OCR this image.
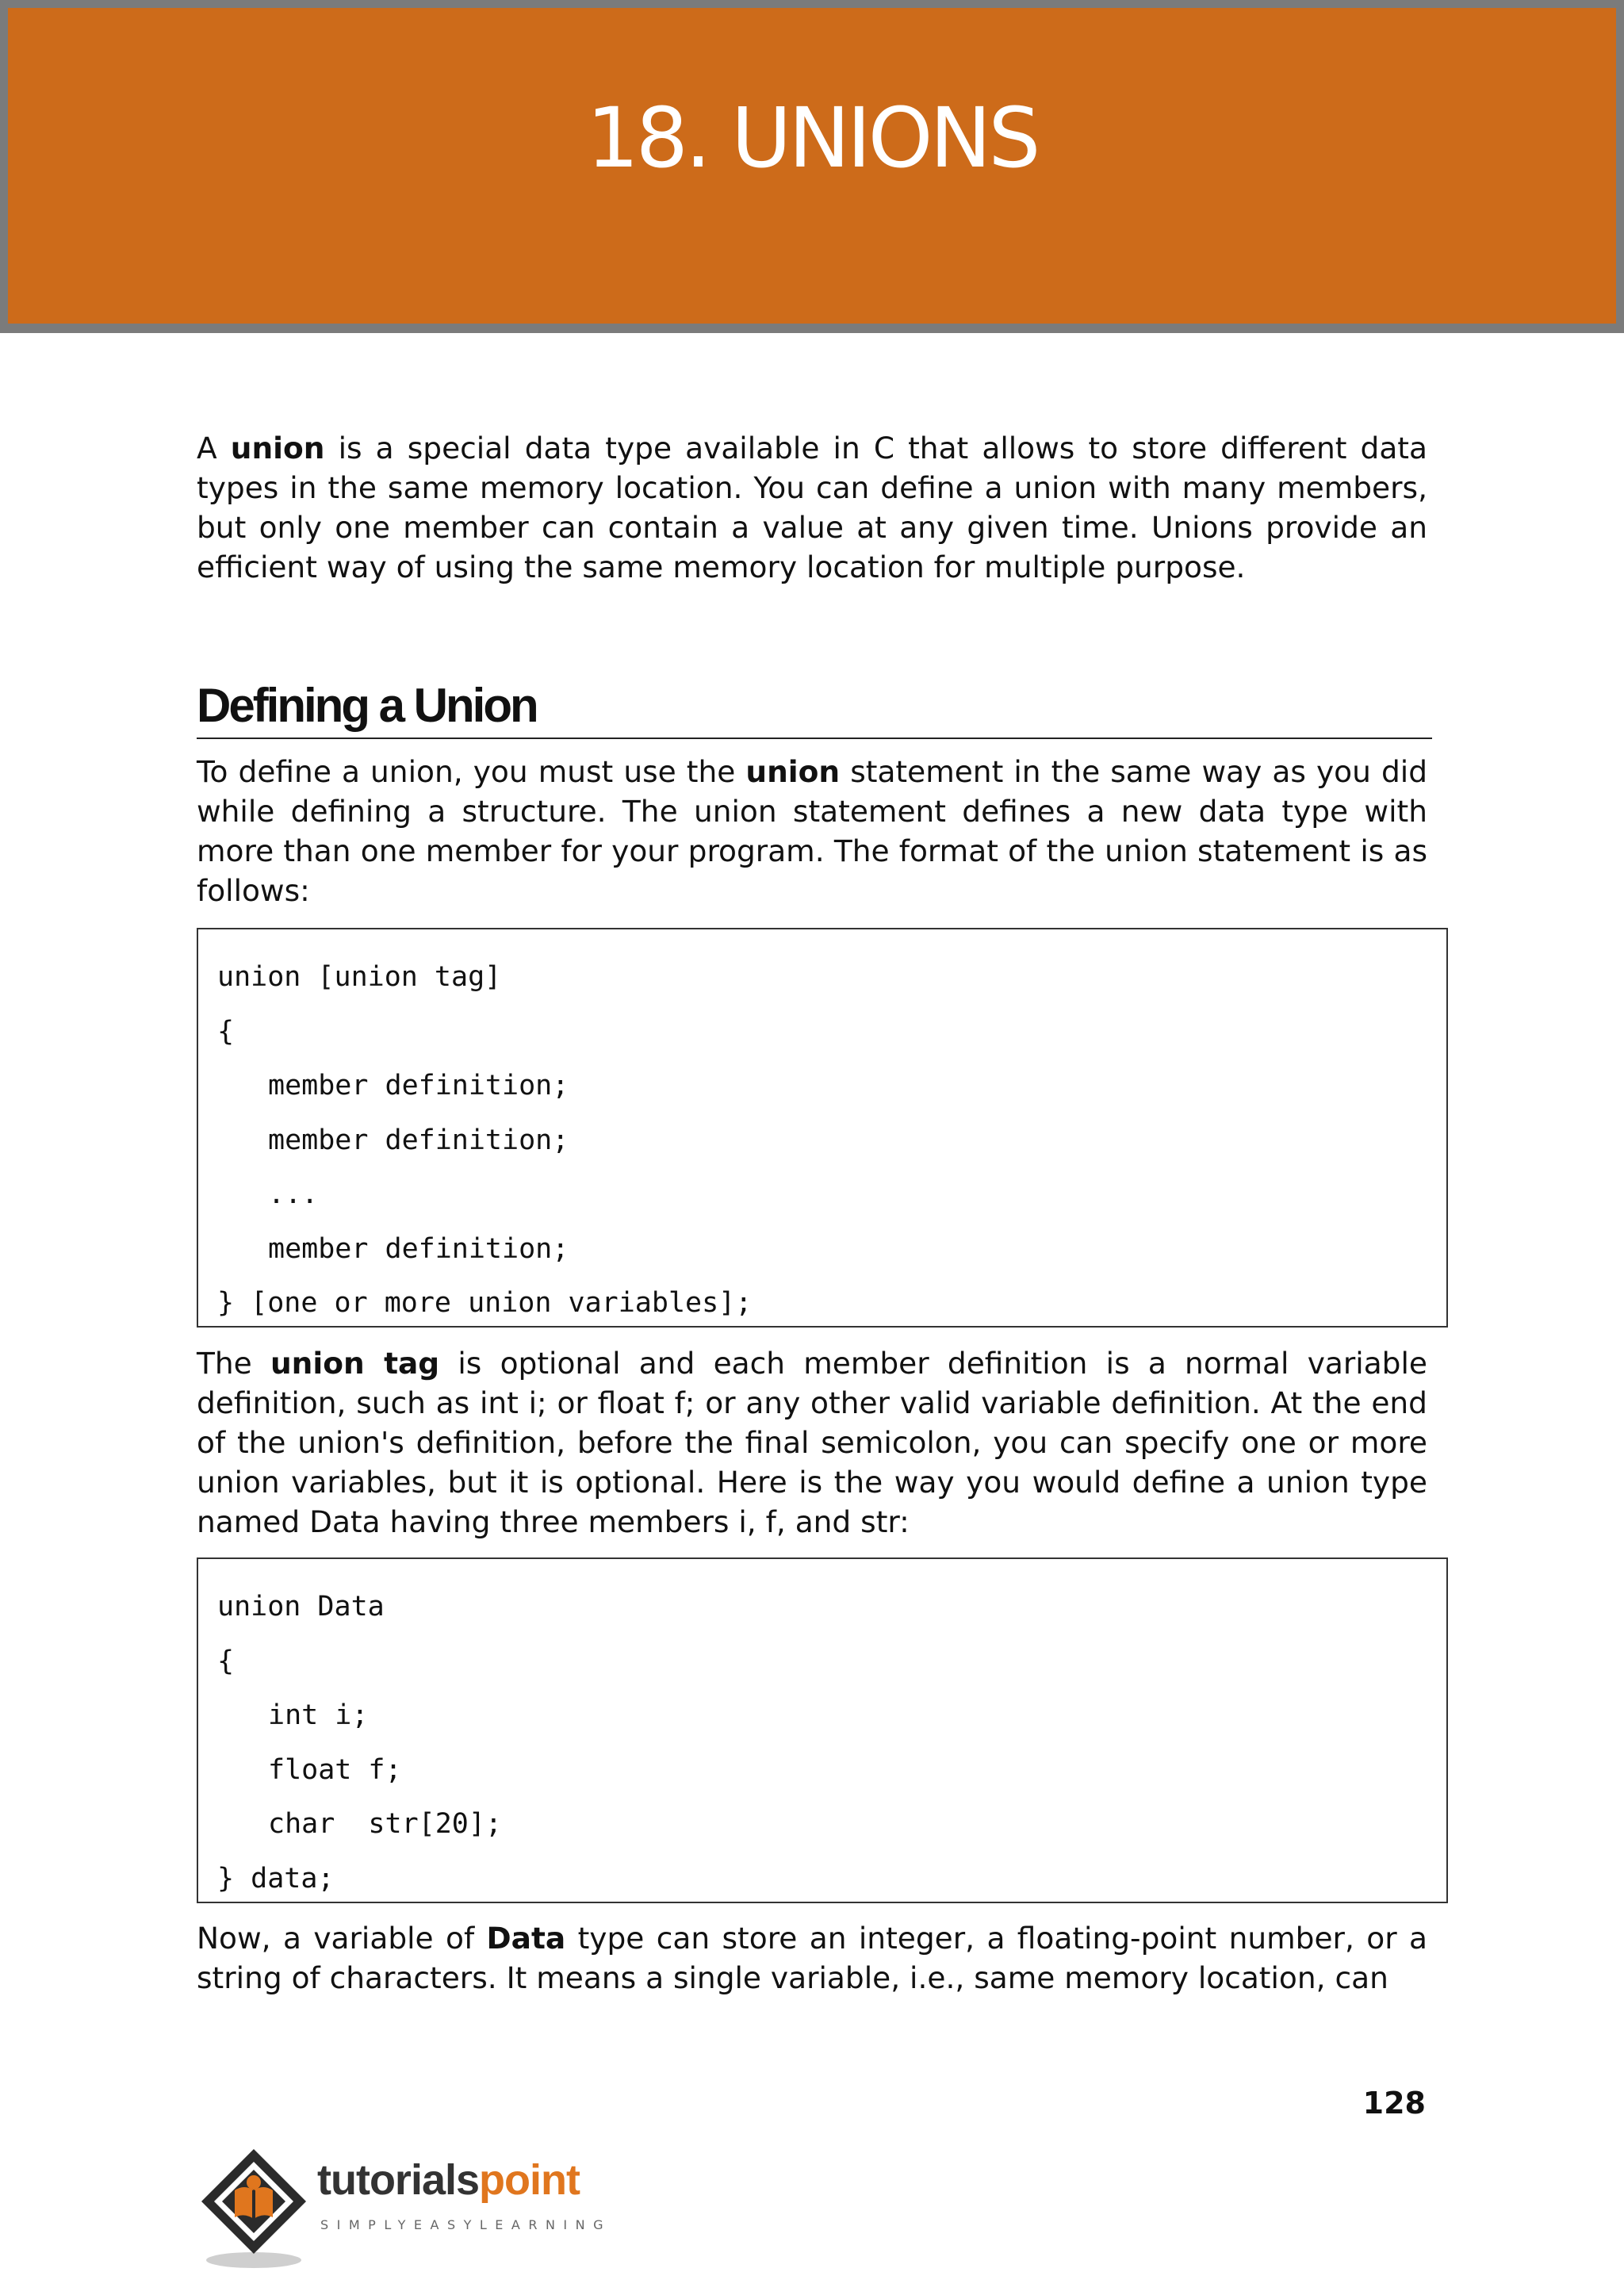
18. UNIONS

A union is a special data type available in C that allows to store different data types in the same memory location. You can define a union with many members, but only one member can contain a value at any given time. Unions provide an efficient way of using the same memory location for multiple purpose.

Defining a Union

To define a union, you must use the union statement in the same way as you did while defining a structure. The union statement defines a new data type with more than one member for your program. The format of the union statement is as follows:

union [union tag]
{
member definition;
member definition;
...
member definition;
} [one or more union variables];

The union tag is optional and each member definition is a normal variable definition, such as int i; or float f; or any other valid variable definition. At the end of the union's definition, before the final semicolon, you can specify one or more union variables, but it is optional. Here is the way you would define a union type named Data having three members i, f, and str:

union Data
{
int i;
float f;
char  str[20];
} data;

Now, a variable of Data type can store an integer, a floating-point number, or a string of characters. It means a single variable, i.e., same memory location, can

128
tutorialspoint
SIMPLYEASYLEARNING
